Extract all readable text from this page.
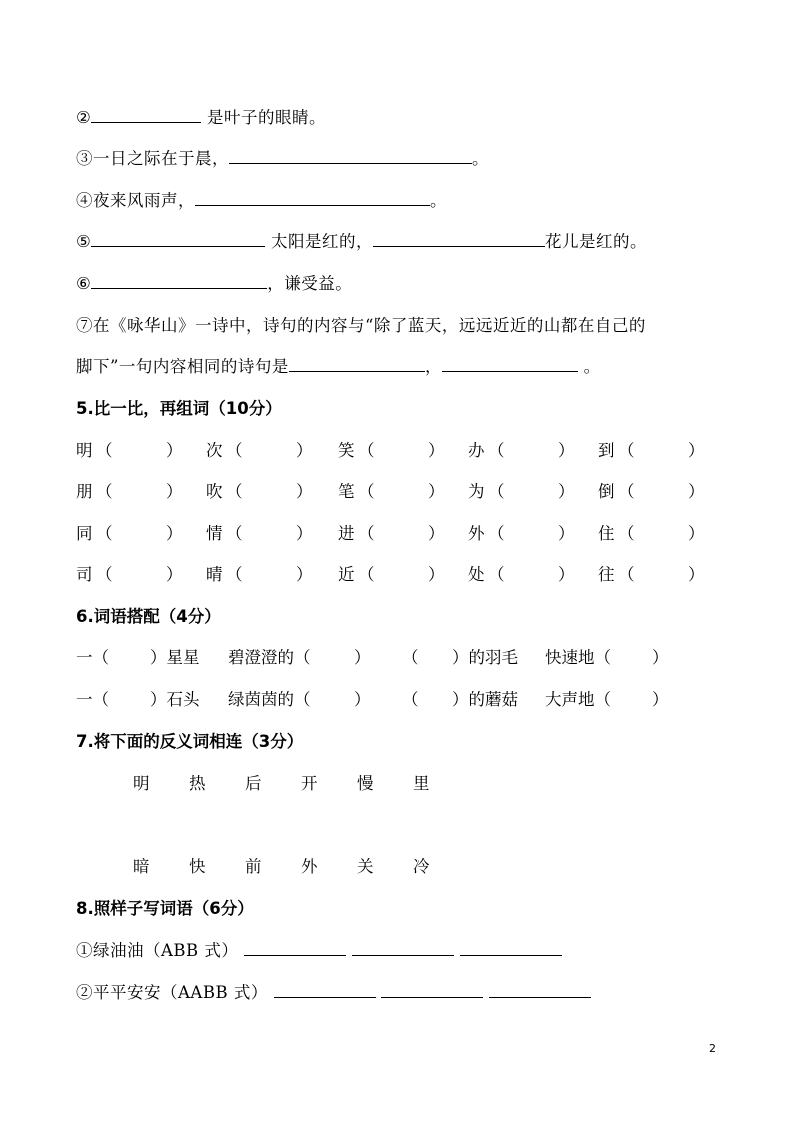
②	是叶子的眼睛。
③一日之际在于晨，	。
④夜来风雨声，	。
⑤	太阳是红的，	花儿是红的。
⑥	，谦受益。
⑦在《咏华山》一诗中，诗句的内容与“除了蓝天，远远近近的山都在自己的
脚下”一句内容相同的诗句是	，	。
5.比一比，再组词（10分）
明 （	） 次 （	） 笑 （	） 办 （	） 到 （	）
朋 （	） 吹 （	） 笔 （	） 为 （	） 倒 （	）
同 （	） 情 （	） 进 （	） 外 （	） 住 （	）
司 （	） 晴 （	） 近 （	） 处 （	） 往 （	）
6.词语搭配（4分）
一（ ）星星 碧澄澄的（	） （ ）的羽毛 快速地（ ）
一（ ）石头 绿茵茵的（	） （ ）的蘑菇 大声地（ ）
7.将下面的反义词相连（3分）
明 热 后 开 慢 里
暗 快 前 外 关 冷
8.照样子写词语（6分）
①绿油油（ABB 式）
②平平安安（AABB 式）
2
